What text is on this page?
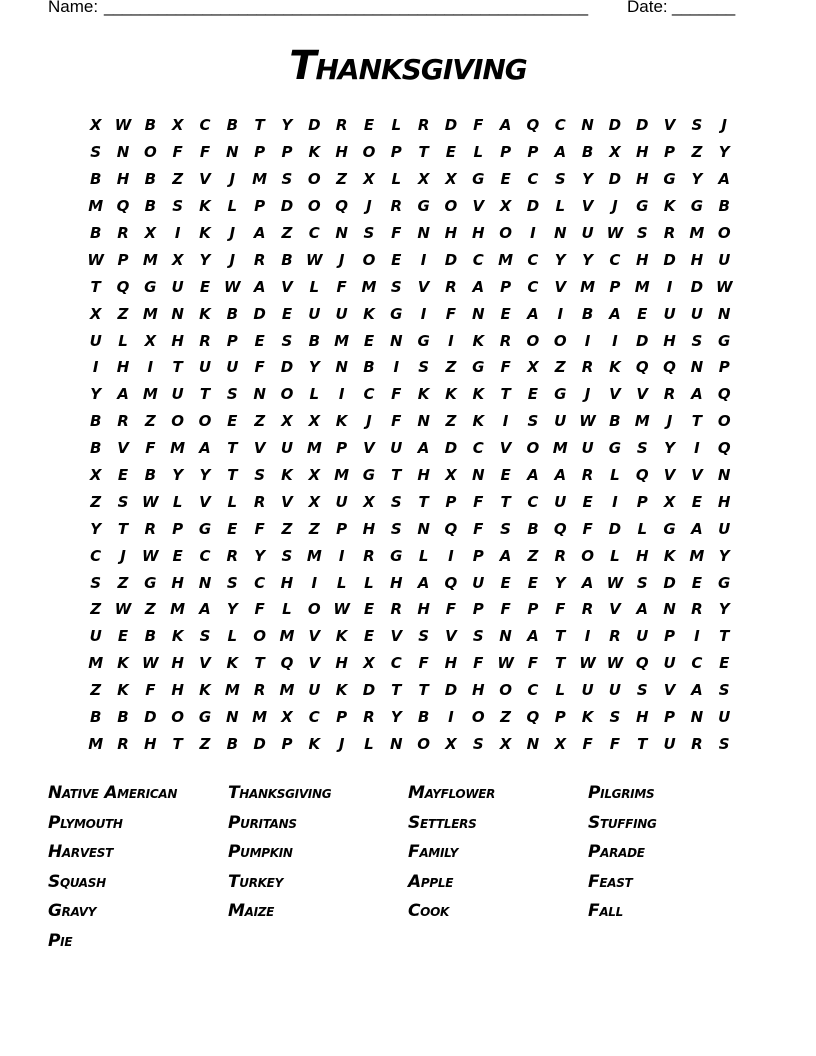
Name: ______________________________________________________ Date: _______
Thanksgiving
X W B	X	C	B	T	Y	D	R	E	L	R	D	F	A	Q	C	N D D	V	S	J
S	N O	F	F	N	P	P	K	H O	P	T	E	L	P	P	A	B	X	H	P	Z	Y
B	H	B	Z	V	J	M S	O	Z	X	L	X	X	G	E	C	S	Y	D H G	Y	A
M Q	B	S	K	L	P	D O Q	J	R	G O	V	X	D	L	V	J	G	K	G	B
B	R	X	I	K	J	A	Z	C	N	S	F	N H H O	I	N U W S	R M O
W P M X	Y	J	R	B W	J	O	E	I	D	C M C	Y	Y	C	H D H U
T	Q G	U	E W A	V	L	F M S	V	R	A	P	C	V M P M	I	D W
X	Z M N	K	B	D	E	U	U	K	G	I	F	N	E	A	I	B	A	E	U	U N
U	L	X	H	R	P	E	S	B M E	N G	I	K	R	O O	I	I	D H	S	G
I	H	I	T	U	U	F	D	Y	N	B	I	S	Z	G	F	X	Z	R	K	Q Q N	P
Y	A M U	T	S	N O	L	I	C	F	K	K	K	T	E	G	J	V	V	R	A	Q
B	R	Z	O O	E	Z	X	X	K	J	F	N	Z	K	I	S	U W B M	J	T	O
B	V	F M A	T	V	U M P	V	U	A	D	C	V	O M U	G	S	Y	I	Q
X	E	B	Y	Y	T	S	K	X M G	T	H	X	N	E	A	A	R	L	Q	V	V	N
Z	S W L	V	L	R	V	X	U	X	S	T	P	F	T	C	U	E	I	P	X	E	H
Y	T	R	P	G	E	F	Z	Z	P	H	S	N Q	F	S	B	Q	F	D	L	G	A	U
C	J	W E	C	R	Y	S M	I	R	G	L	I	P	A	Z	R	O	L	H	K M Y
S	Z	G H N	S	C	H	I	L	L	H	A	Q U	E	E	Y	A W S	D	E	G
Z W Z M A	Y	F	L	O W E	R	H	F	P	F	P	F	R	V	A	N	R	Y
U	E	B	K	S	L	O M V	K	E	V	S	V	S	N	A	T	I	R	U	P	I	T
M K W H	V	K	T	Q	V	H	X	C	F	H	F W F	T W W Q U	C	E
Z	K	F	H	K M R M U	K	D	T	T	D H O	C	L	U	U	S	V	A	S
B	B	D O G N M X	C	P	R	Y	B	I	O	Z	Q	P	K	S	H	P	N U
M R	H	T	Z	B	D	P	K	J	L	N O	X	S	X	N	X	F	F	T	U	R	S
Native American	Thanksgiving	Mayflower	Pilgrims
Plymouth	Puritans	Settlers	Stuffing
Harvest	Pumpkin	Family	Parade
Squash	Turkey	Apple	Feast
Gravy	Maize	Cook	Fall
Pie
